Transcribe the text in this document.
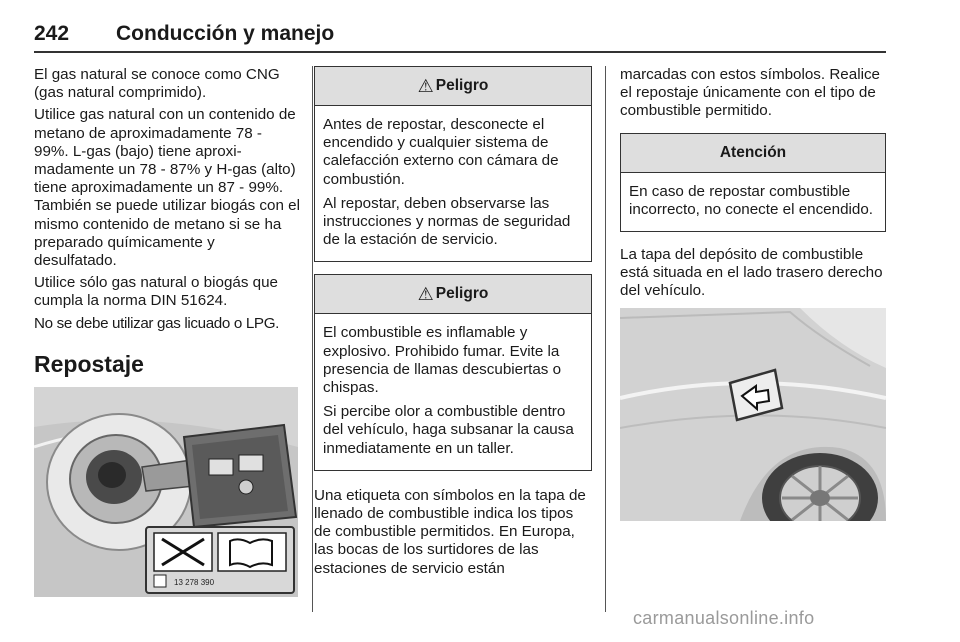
242 Conducción y manejo

El gas natural se conoce como CNG (gas natural comprimido).

Utilice gas natural con un contenido de metano de aproximadamente 78 - 99%. L-gas (bajo) tiene aproximadamente un 78 - 87% y H-gas (alto) tiene aproximadamente un 87 - 99%. También se puede utilizar biogás con el mismo contenido de metano si se ha preparado químicamente y desulfatado.

Utilice sólo gas natural o biogás que cumpla la norma DIN 51624.

No se debe utilizar gas licuado o LPG.

Repostaje
13 278 390
⚠ Peligro

Antes de repostar, desconecte el encendido y cualquier sistema de calefacción externo con cámara de combustión.

Al repostar, deben observarse las instrucciones y normas de seguridad de la estación de servicio.

⚠ Peligro

El combustible es inflamable y explosivo. Prohibido fumar. Evite la presencia de llamas descubiertas o chispas.

Si percibe olor a combustible dentro del vehículo, haga subsanar la causa inmediatamente en un taller.

Una etiqueta con símbolos en la tapa de llenado de combustible indica los tipos de combustible permitidos. En Europa, las bocas de los surtidores de las estaciones de servicio están

marcadas con estos símbolos. Realice el repostaje únicamente con el tipo de combustible permitido.

Atención

En caso de repostar combustible incorrecto, no conecte el encendido.

La tapa del depósito de combustible está situada en el lado trasero derecho del vehículo.

carmanualsonline.info
